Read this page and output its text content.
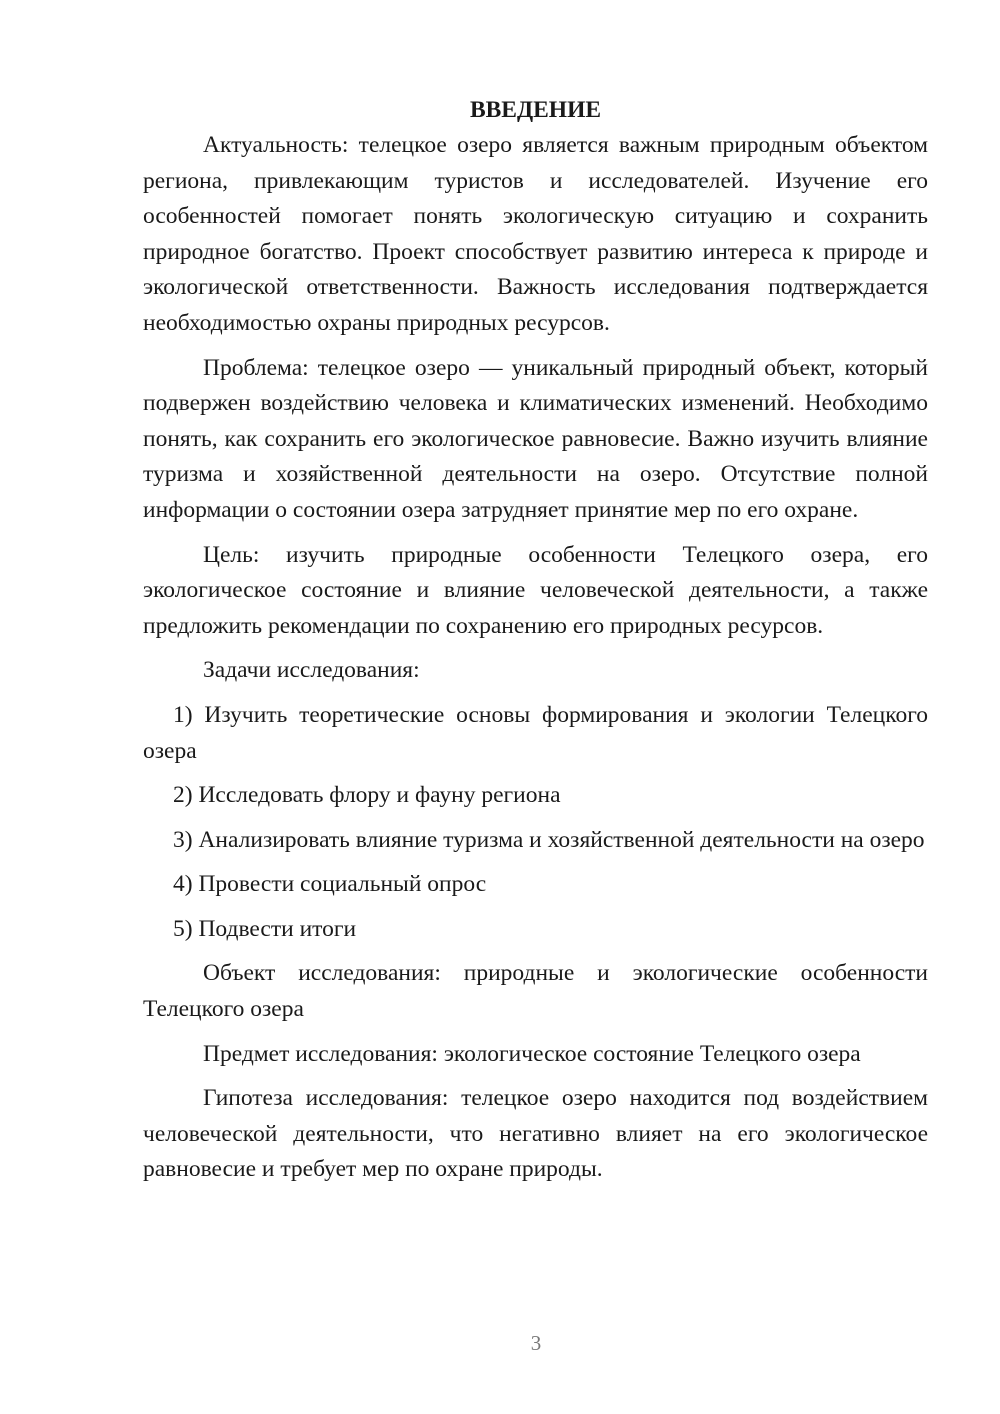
ВВЕДЕНИЕ

Актуальность: телецкое озеро является важным природным объектом региона, привлекающим туристов и исследователей. Изучение его особенностей помогает понять экологическую ситуацию и сохранить природное богатство. Проект способствует развитию интереса к природе и экологической ответственности. Важность исследования подтверждается необходимостью охраны природных ресурсов.

Проблема: телецкое озеро — уникальный природный объект, который подвержен воздействию человека и климатических изменений. Необходимо понять, как сохранить его экологическое равновесие. Важно изучить влияние туризма и хозяйственной деятельности на озеро. Отсутствие полной информации о состоянии озера затрудняет принятие мер по его охране.

Цель: изучить природные особенности Телецкого озера, его экологическое состояние и влияние человеческой деятельности, а также предложить рекомендации по сохранению его природных ресурсов.

Задачи исследования:

1) Изучить теоретические основы формирования и экологии Телецкого озера

2) Исследовать флору и фауну региона

3) Анализировать влияние туризма и хозяйственной деятельности на озеро

4) Провести социальный опрос

5) Подвести итоги

Объект исследования: природные и экологические особенности Телецкого озера

Предмет исследования: экологическое состояние Телецкого озера

Гипотеза исследования: телецкое озеро находится под воздействием человеческой деятельности, что негативно влияет на его экологическое равновесие и требует мер по охране природы.

3
